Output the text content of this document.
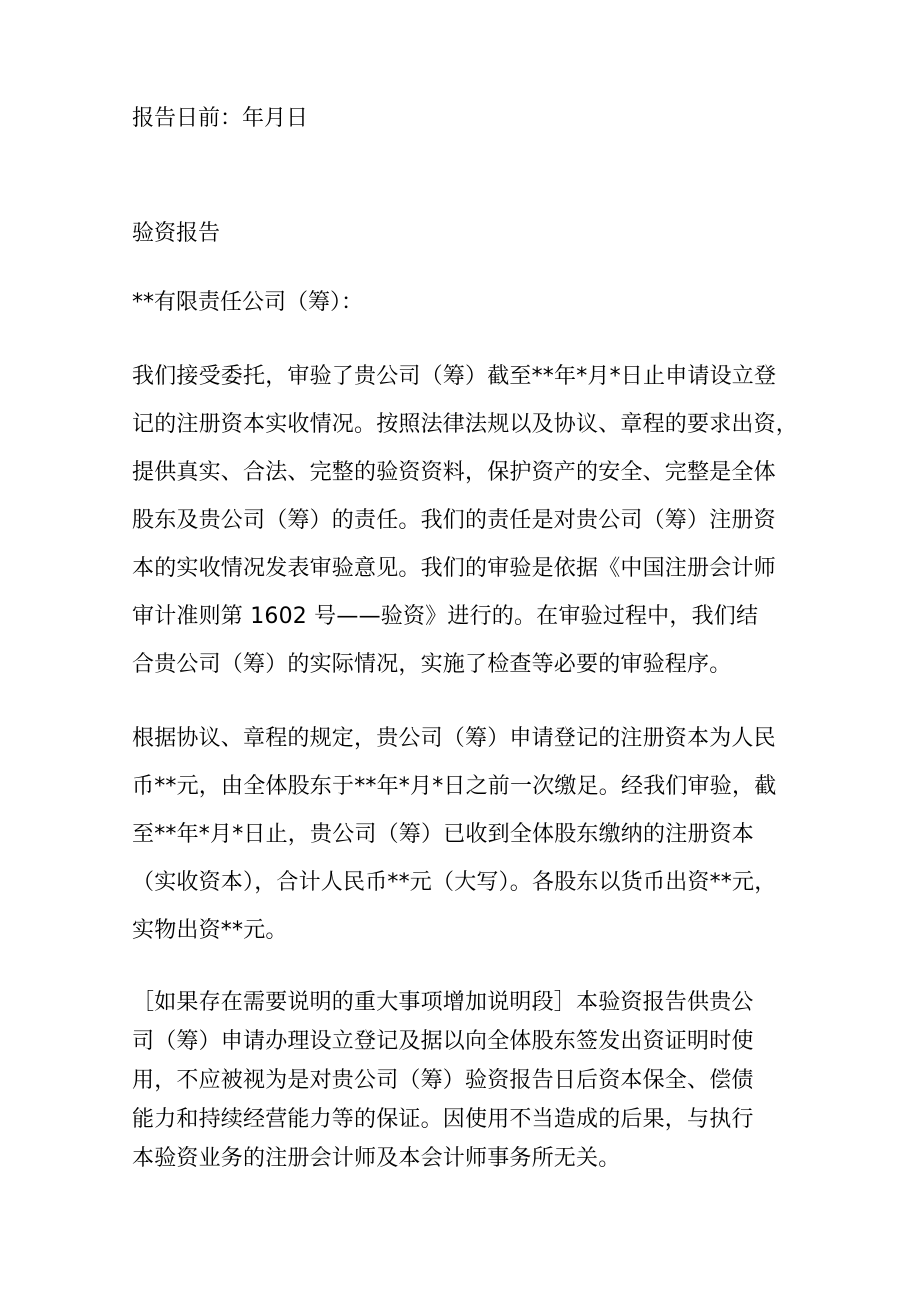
报告日前：年月日

验资报告

**有限责任公司（筹）：

我们接受委托，审验了贵公司（筹）截至**年*月*日止申请设立登
记的注册资本实收情况。按照法律法规以及协议、章程的要求出资，
提供真实、合法、完整的验资资料，保护资产的安全、完整是全体
股东及贵公司（筹）的责任。我们的责任是对贵公司（筹）注册资
本的实收情况发表审验意见。我们的审验是依据《中国注册会计师
审计准则第 1602 号——验资》进行的。在审验过程中，我们结
合贵公司（筹）的实际情况，实施了检查等必要的审验程序。
根据协议、章程的规定，贵公司（筹）申请登记的注册资本为人民
币**元，由全体股东于**年*月*日之前一次缴足。经我们审验，截
至**年*月*日止，贵公司（筹）已收到全体股东缴纳的注册资本
（实收资本），合计人民币**元（大写）。各股东以货币出资**元，
实物出资**元。
［如果存在需要说明的重大事项增加说明段］本验资报告供贵公
司（筹）申请办理设立登记及据以向全体股东签发出资证明时使
用，不应被视为是对贵公司（筹）验资报告日后资本保全、偿债
能力和持续经营能力等的保证。因使用不当造成的后果，与执行
本验资业务的注册会计师及本会计师事务所无关。
